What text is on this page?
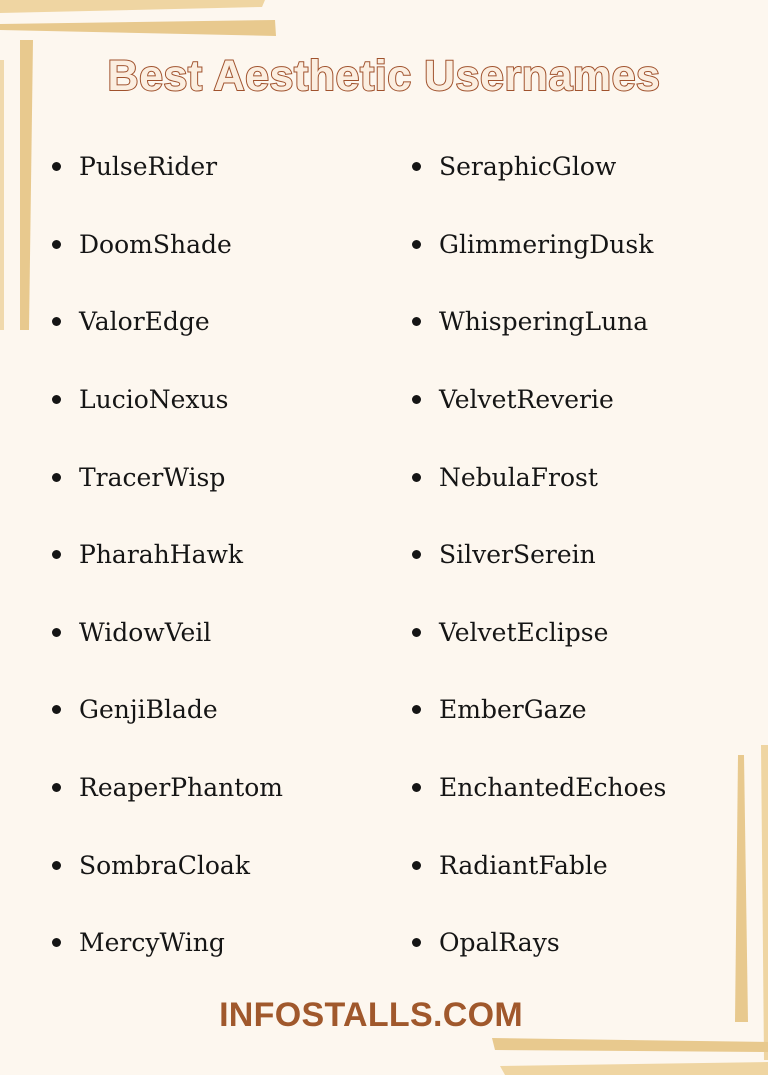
Best Aesthetic Usernames
PulseRider
DoomShade
ValorEdge
LucioNexus
TracerWisp
PharahHawk
WidowVeil
GenjiBlade
ReaperPhantom
SombraCloak
MercyWing
SeraphicGlow
GlimmeringDusk
WhisperingLuna
VelvetReverie
NebulaFrost
SilverSerein
VelvetEclipse
EmberGaze
EnchantedEchoes
RadiantFable
OpalRays
INFOSTALLS.COM
